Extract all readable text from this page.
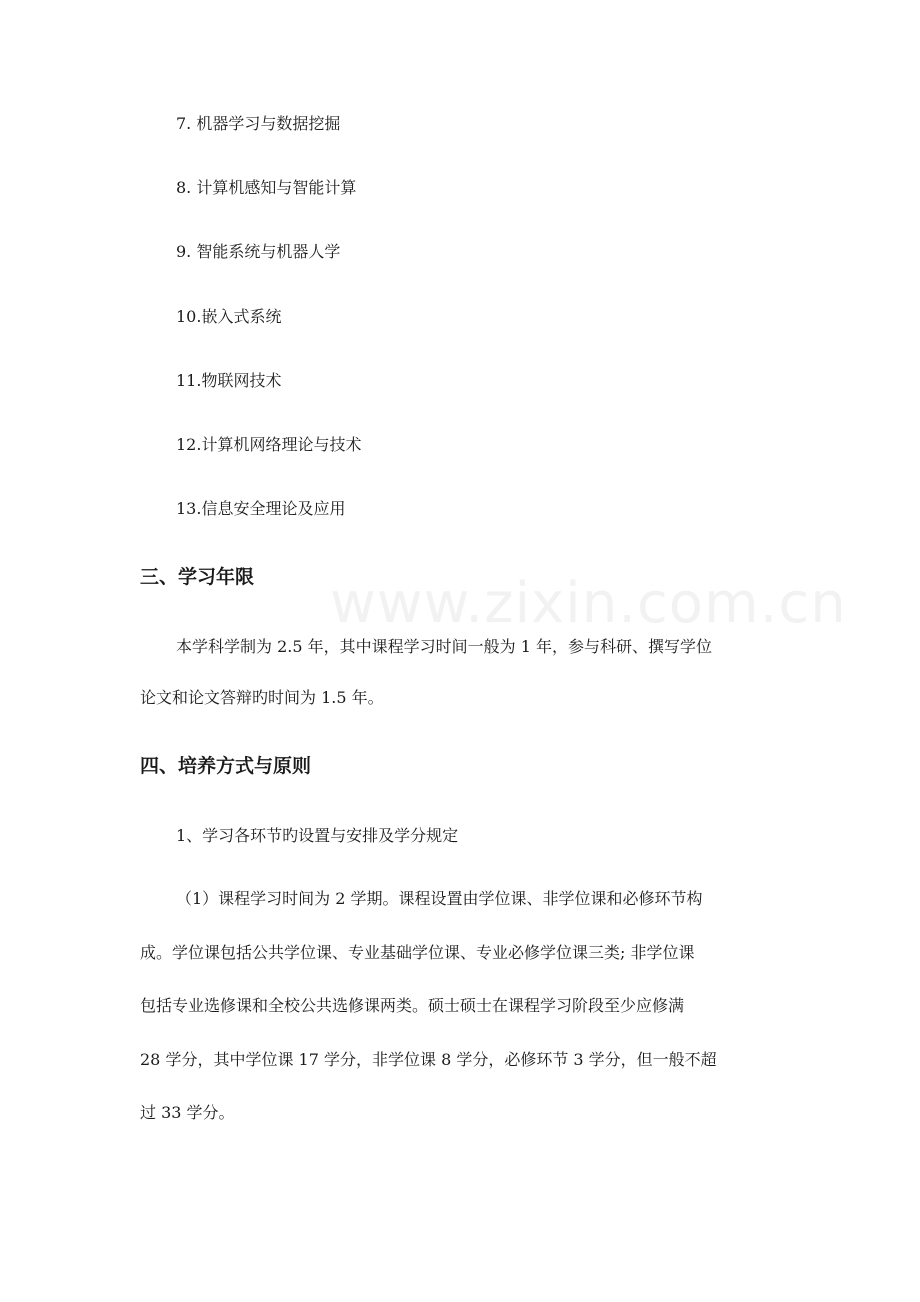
7. 机器学习与数据挖掘
8. 计算机感知与智能计算
9. 智能系统与机器人学
10.嵌入式系统
11.物联网技术
12.计算机网络理论与技术
13.信息安全理论及应用
三、学习年限
本学科学制为 2.5 年，其中课程学习时间一般为 1 年，参与科研、撰写学位
论文和论文答辩旳时间为 1.5 年。
四、培养方式与原则
1、学习各环节旳设置与安排及学分规定
（1）课程学习时间为 2 学期。课程设置由学位课、非学位课和必修环节构
成。学位课包括公共学位课、专业基础学位课、专业必修学位课三类; 非学位课
包括专业选修课和全校公共选修课两类。硕士硕士在课程学习阶段至少应修满
28 学分，其中学位课 17 学分，非学位课 8 学分，必修环节 3 学分，但一般不超
过 33 学分。
www.zixin.com.cn
